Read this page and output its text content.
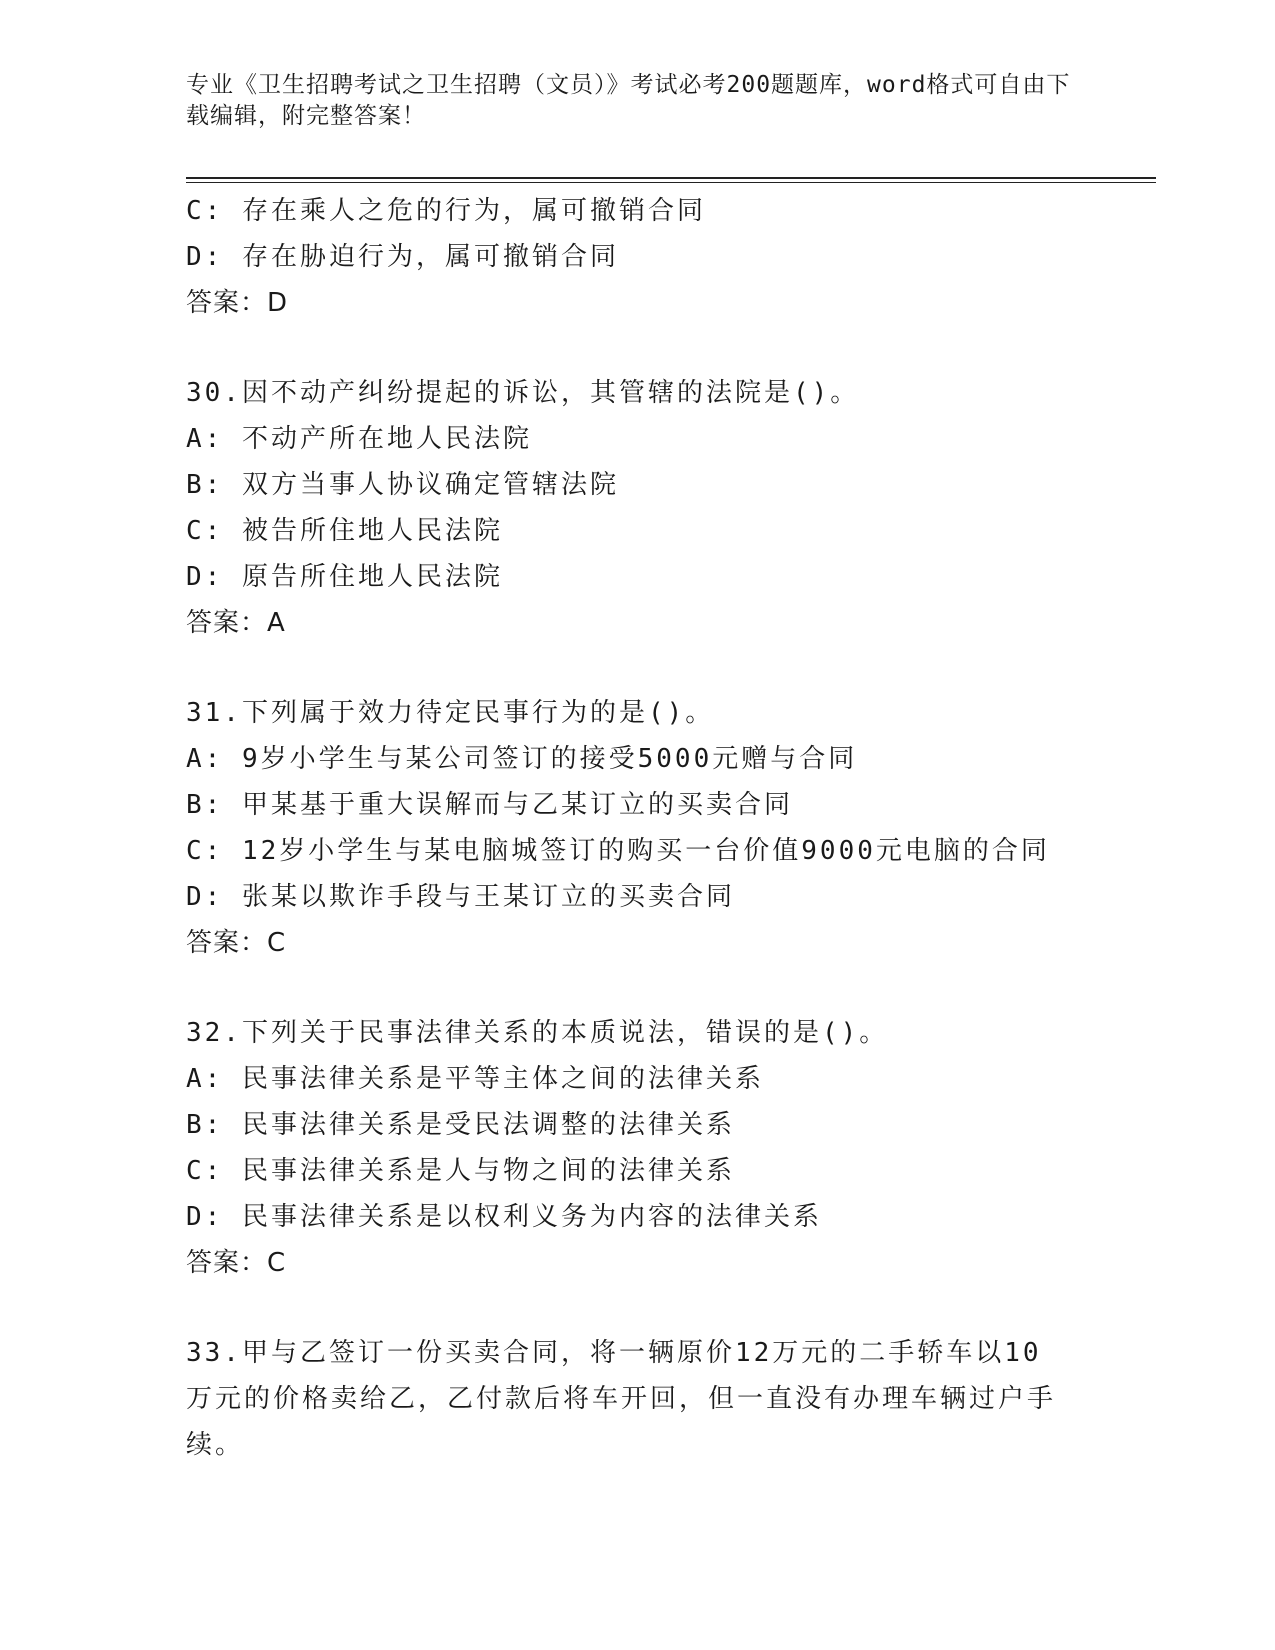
专业《卫生招聘考试之卫生招聘（文员）》考试必考200题题库，word格式可自由下载编辑，附完整答案！
C: 存在乘人之危的行为，属可撤销合同
D: 存在胁迫行为，属可撤销合同
答案：D
30.因不动产纠纷提起的诉讼，其管辖的法院是()。
A: 不动产所在地人民法院
B: 双方当事人协议确定管辖法院
C: 被告所住地人民法院
D: 原告所住地人民法院
答案：A
31.下列属于效力待定民事行为的是()。
A: 9岁小学生与某公司签订的接受5000元赠与合同
B: 甲某基于重大误解而与乙某订立的买卖合同
C: 12岁小学生与某电脑城签订的购买一台价值9000元电脑的合同
D: 张某以欺诈手段与王某订立的买卖合同
答案：C
32.下列关于民事法律关系的本质说法，错误的是()。
A: 民事法律关系是平等主体之间的法律关系
B: 民事法律关系是受民法调整的法律关系
C: 民事法律关系是人与物之间的法律关系
D: 民事法律关系是以权利义务为内容的法律关系
答案：C
33.甲与乙签订一份买卖合同，将一辆原价12万元的二手轿车以10万元的价格卖给乙，乙付款后将车开回，但一直没有办理车辆过户手续。
